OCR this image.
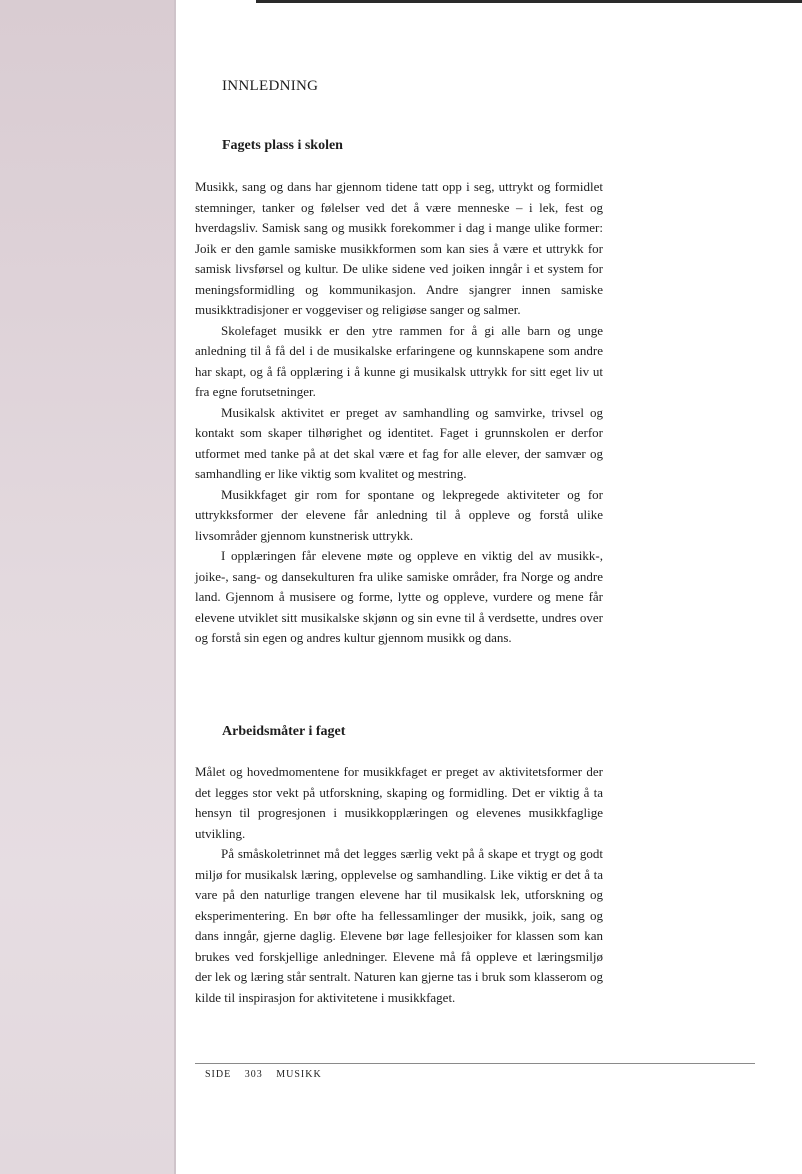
INNLEDNING
Fagets plass i skolen

Musikk, sang og dans har gjennom tidene tatt opp i seg, uttrykt og formidlet stemninger, tanker og følelser ved det å være menneske – i lek, fest og hverdagsliv. Samisk sang og musikk forekommer i dag i mange ulike former: Joik er den gamle samiske musikkformen som kan sies å være et uttrykk for samisk livsførsel og kultur. De ulike sidene ved joiken inngår i et system for meningsformidling og kommunikasjon. Andre sjangrer innen samiske musikktradisjoner er voggeviser og religiøse sanger og salmer.

Skolefaget musikk er den ytre rammen for å gi alle barn og unge anledning til å få del i de musikalske erfaringene og kunnskapene som andre har skapt, og å få opplæring i å kunne gi musikalsk uttrykk for sitt eget liv ut fra egne forutsetninger.

Musikalsk aktivitet er preget av samhandling og samvirke, trivsel og kontakt som skaper tilhørighet og identitet. Faget i grunnskolen er derfor utformet med tanke på at det skal være et fag for alle elever, der samvær og samhandling er like viktig som kvalitet og mestring.

Musikkfaget gir rom for spontane og lekpregede aktiviteter og for uttrykksformer der elevene får anledning til å oppleve og forstå ulike livsområder gjennom kunstnerisk uttrykk.

I opplæringen får elevene møte og oppleve en viktig del av musikk-, joike-, sang- og dansekulturen fra ulike samiske områder, fra Norge og andre land. Gjennom å musisere og forme, lytte og oppleve, vurdere og mene får elevene utviklet sitt musikalske skjønn og sin evne til å verdsette, undres over og forstå sin egen og andres kultur gjennom musikk og dans.

Arbeidsmåter i faget

Målet og hovedmomentene for musikkfaget er preget av aktivitetsformer der det legges stor vekt på utforskning, skaping og formidling. Det er viktig å ta hensyn til progresjonen i musikkopplæringen og elevenes musikkfaglige utvikling.

På småskoletrinnet må det legges særlig vekt på å skape et trygt og godt miljø for musikalsk læring, opplevelse og samhandling. Like viktig er det å ta vare på den naturlige trangen elevene har til musikalsk lek, utforskning og eksperimentering. En bør ofte ha fellessamlinger der musikk, joik, sang og dans inngår, gjerne daglig. Elevene bør lage fellesjoiker for klassen som kan brukes ved forskjellige anledninger. Elevene må få oppleve et læringsmiljø der lek og læring står sentralt. Naturen kan gjerne tas i bruk som klasserom og kilde til inspirasjon for aktivitetene i musikkfaget.

SIDE 303 MUSIKK
